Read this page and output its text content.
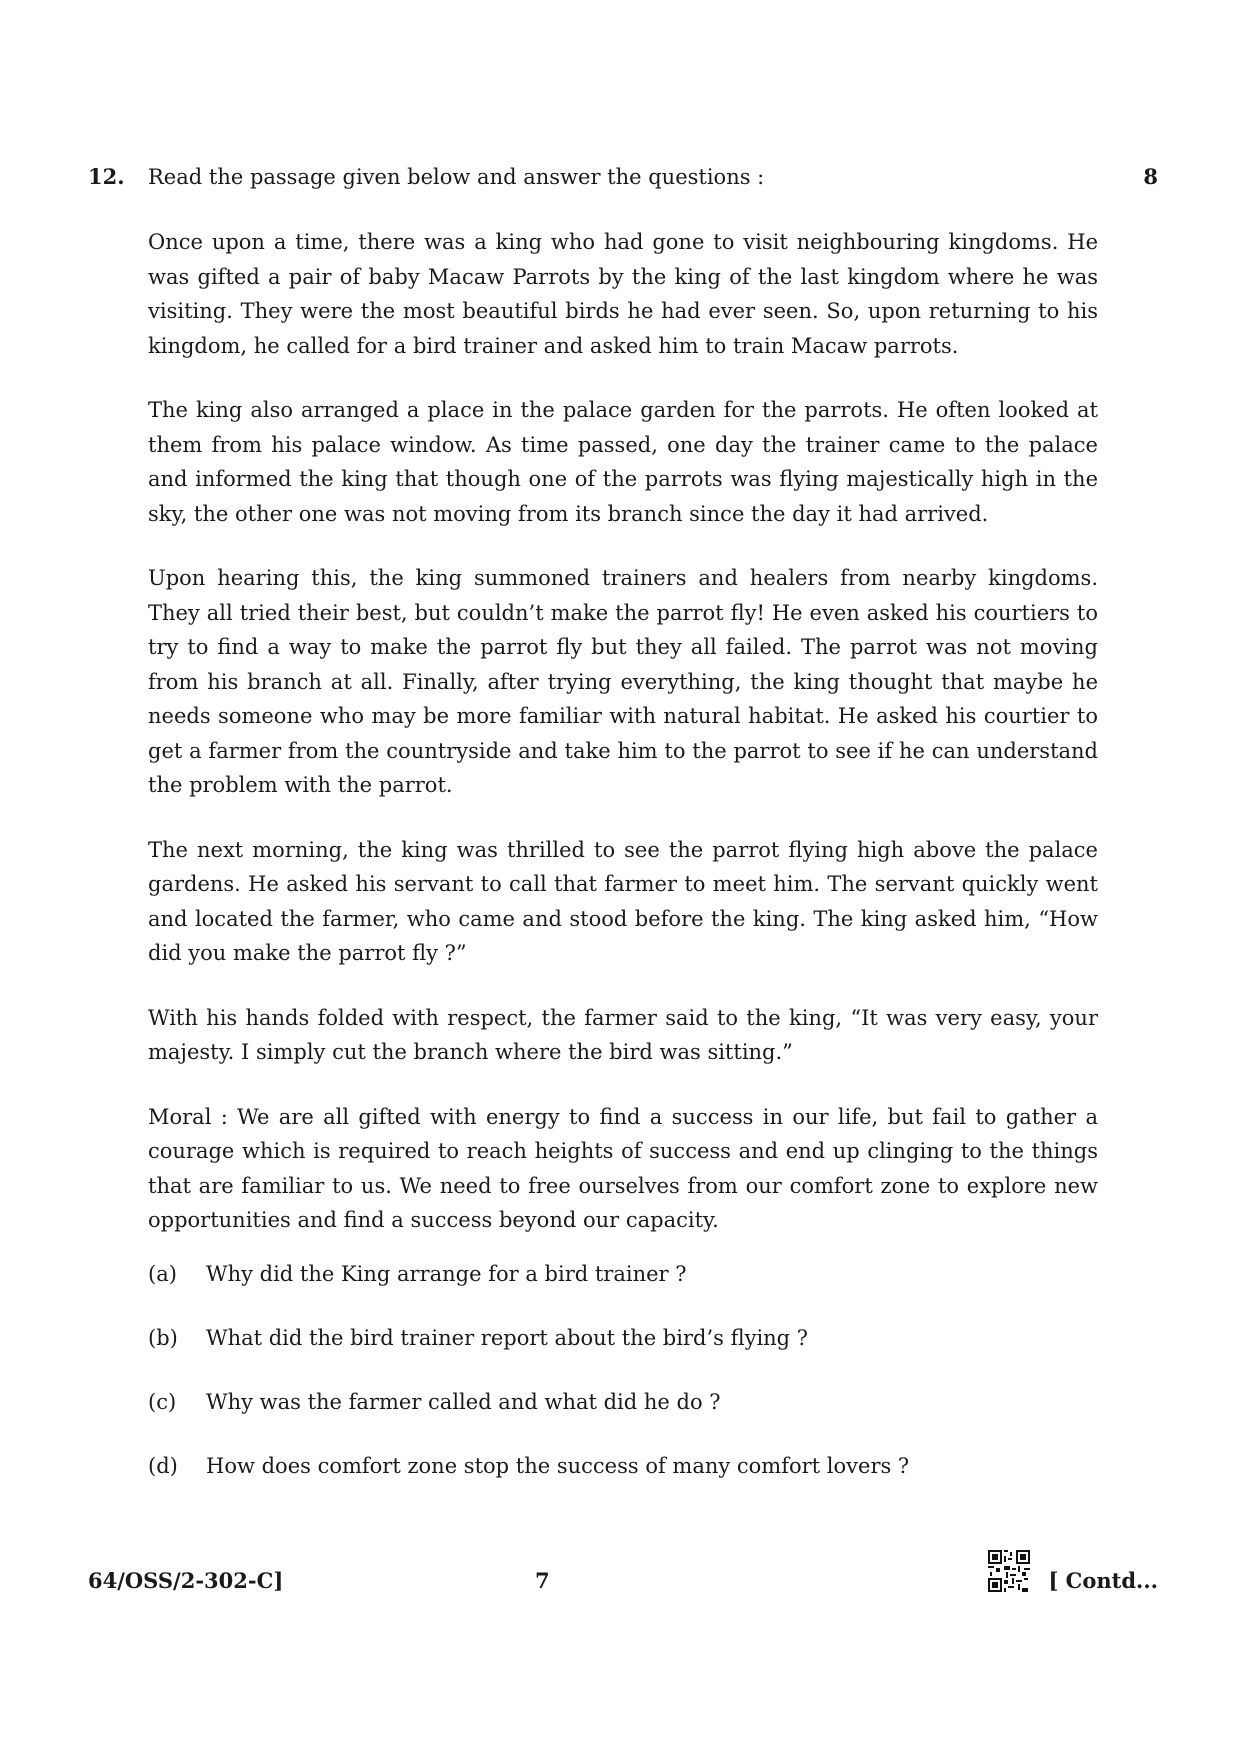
12.	Read the passage given below and answer the questions :	8

Once upon a time, there was a king who had gone to visit neighbouring kingdoms. He was gifted a pair of baby Macaw Parrots by the king of the last kingdom where he was visiting. They were the most beautiful birds he had ever seen. So, upon returning to his kingdom, he called for a bird trainer and asked him to train Macaw parrots.

The king also arranged a place in the palace garden for the parrots. He often looked at them from his palace window. As time passed, one day the trainer came to the palace and informed the king that though one of the parrots was flying majestically high in the sky, the other one was not moving from its branch since the day it had arrived.

Upon hearing this, the king summoned trainers and healers from nearby kingdoms. They all tried their best, but couldn’t make the parrot fly! He even asked his courtiers to try to find a way to make the parrot fly but they all failed. The parrot was not moving from his branch at all. Finally, after trying everything, the king thought that maybe he needs someone who may be more familiar with natural habitat. He asked his courtier to get a farmer from the countryside and take him to the parrot to see if he can understand the problem with the parrot.

The next morning, the king was thrilled to see the parrot flying high above the palace gardens. He asked his servant to call that farmer to meet him. The servant quickly went and located the farmer, who came and stood before the king. The king asked him, “How did you make the parrot fly ?”

With his hands folded with respect, the farmer said to the king, “It was very easy, your majesty. I simply cut the branch where the bird was sitting.”

Moral : We are all gifted with energy to find a success in our life, but fail to gather a courage which is required to reach heights of success and end up clinging to the things that are familiar to us. We need to free ourselves from our comfort zone to explore new opportunities and find a success beyond our capacity.

(a)	Why did the King arrange for a bird trainer ?
(b)	What did the bird trainer report about the bird’s flying ?
(c)	Why was the farmer called and what did he do ?
(d)	How does comfort zone stop the success of many comfort lovers ?
64/OSS/2-302-C]	7	[ Contd...
